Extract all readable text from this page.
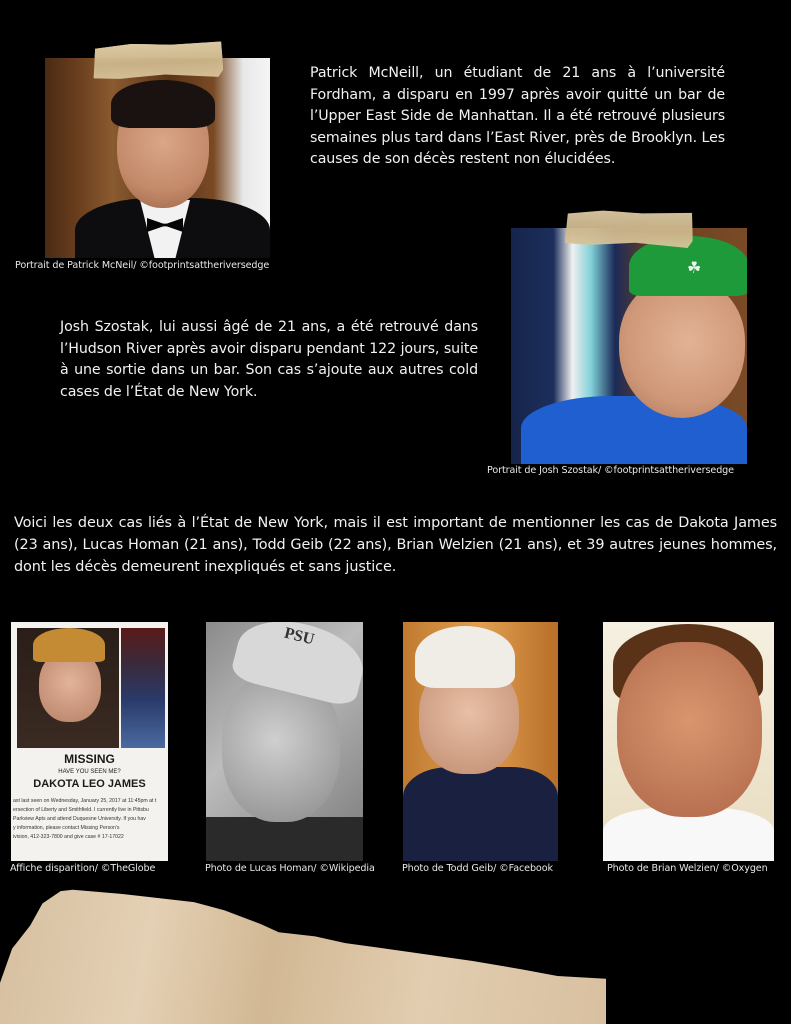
Portrait de Patrick McNeil/ ©footprintsattheriversedge
Patrick McNeill, un étudiant de 21 ans à l’université Fordham, a disparu en 1997 après avoir quitté un bar de l’Upper East Side de Manhattan. Il a été retrouvé plusieurs semaines plus tard dans l’East River, près de Brooklyn. Les causes de son décès restent non élucidées.
Josh Szostak, lui aussi âgé de 21 ans, a été retrouvé dans l’Hudson River après avoir disparu pendant 122 jours, suite à une sortie dans un bar. Son cas s’ajoute aux autres cold cases de l’État de New York.
☘
Portrait de Josh Szostak/ ©footprintsattheriversedge
Voici les deux cas liés à l’État de New York, mais il est important de mentionner les cas de Dakota James (23 ans), Lucas Homan (21 ans), Todd Geib (22 ans), Brian Welzien (21 ans), et 39 autres jeunes hommes, dont les décès demeurent inexpliqués et sans justice.
MISSING
HAVE YOU SEEN ME?
DAKOTA LEO JAMES
ast last seen on Wednesday, January 25, 2017 at 11:45pm at t
ersection of Liberty and Smithfield. I currently live in Pittsbu
Parkview Apts and attend Duquesne University. If you hav
y information, please contact Missing Person's
ivision, 412-323-7800 and give case # 17-17022
Affiche disparition/ ©TheGlobe
PSU
Photo de Lucas Homan/ ©Wikipedia	Photo de Todd Geib/ ©Facebook	Photo de Brian Welzien/ ©Oxygen
